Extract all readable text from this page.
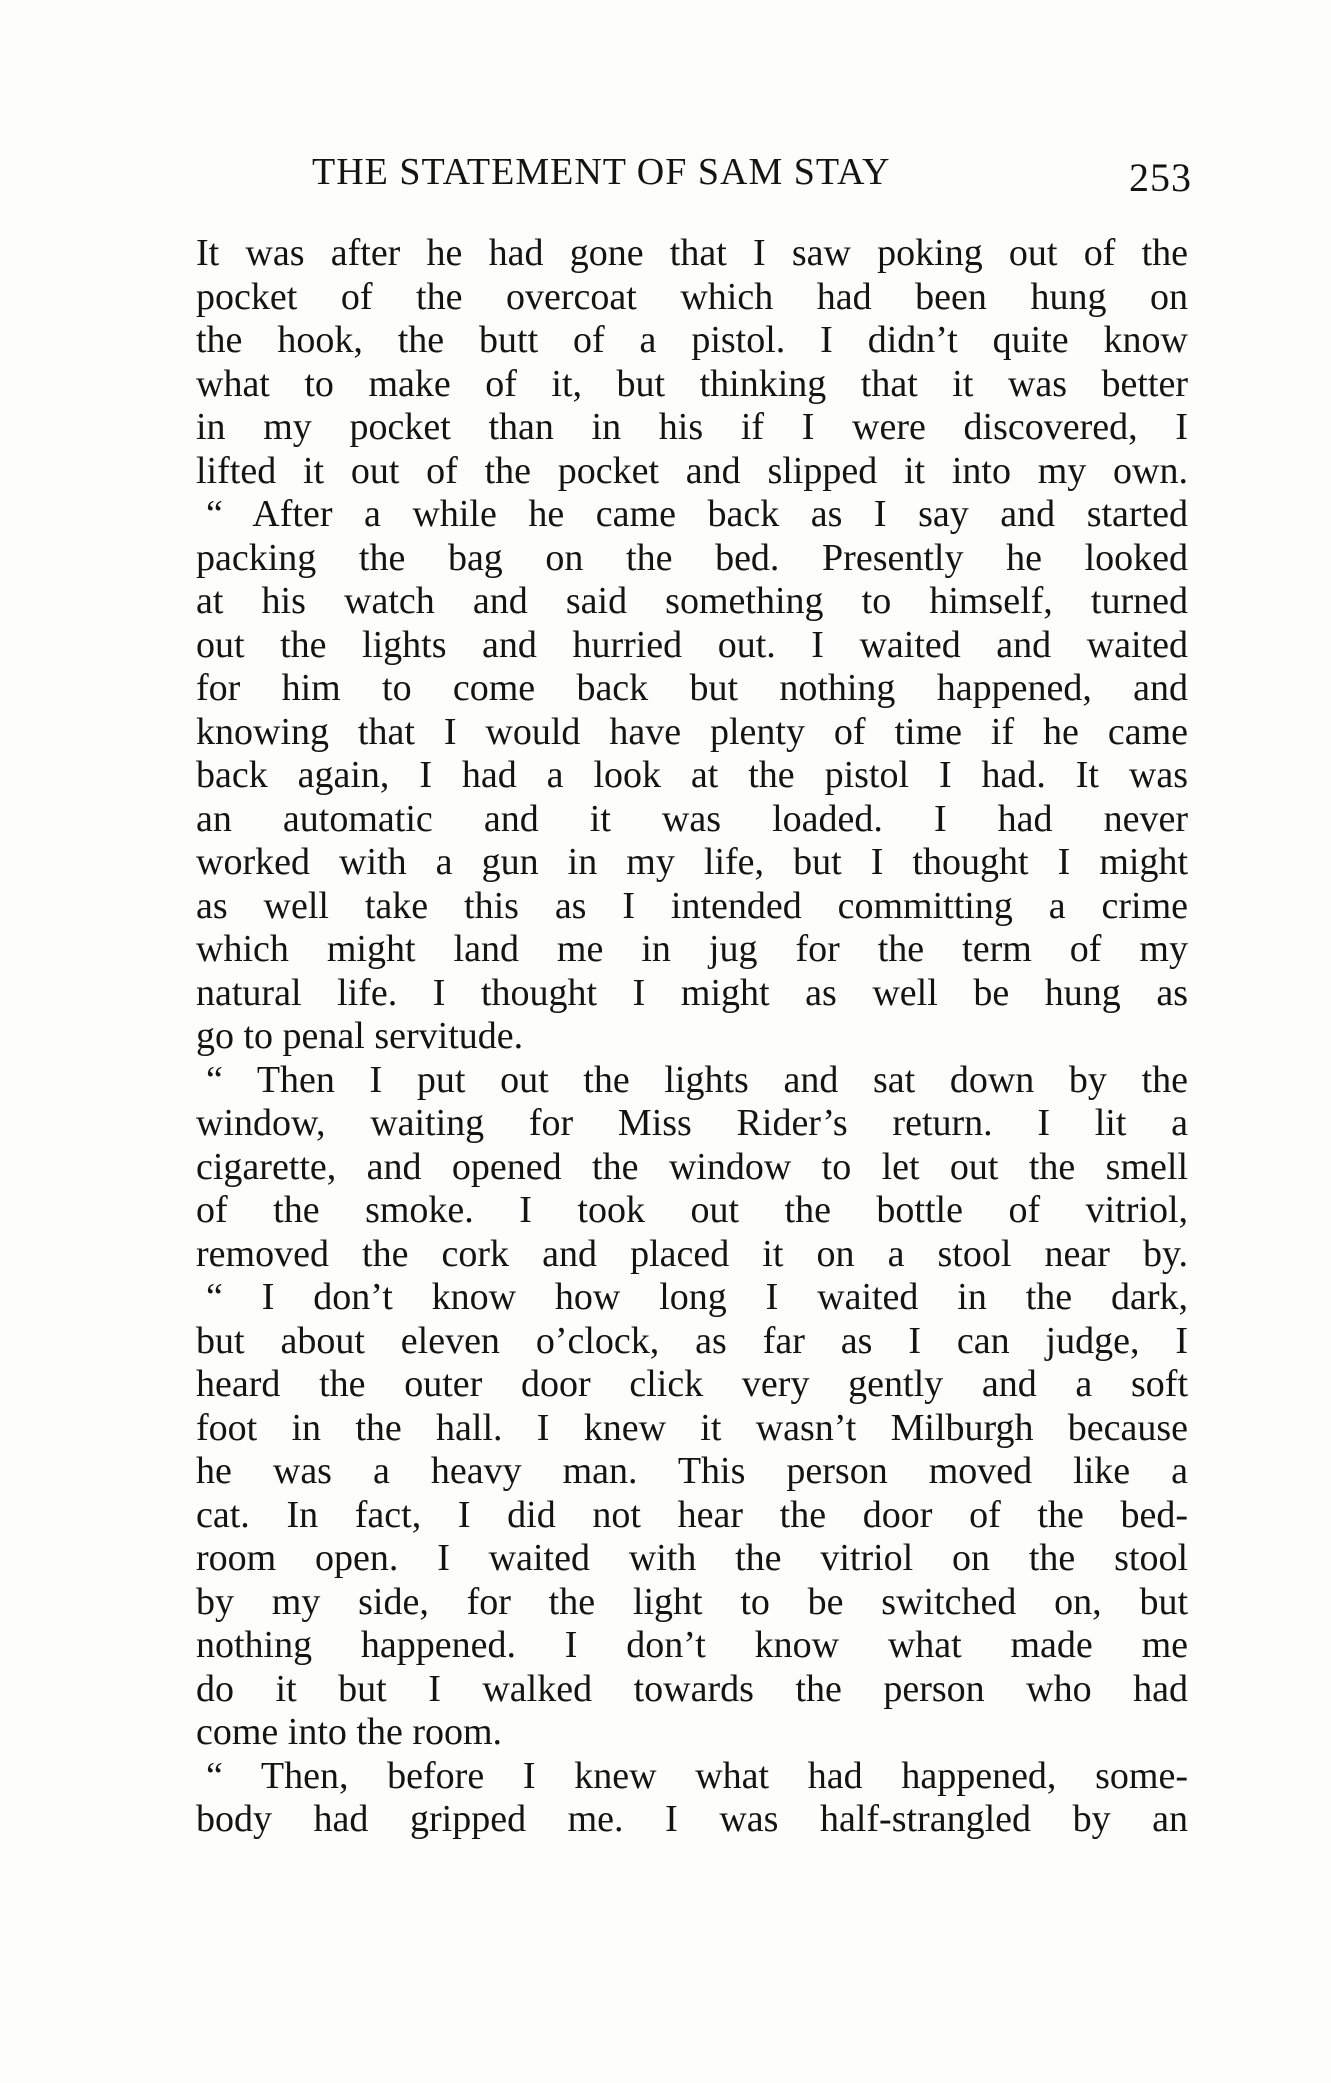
THE STATEMENT OF SAM STAY	253
It was after he had gone that I saw poking out of the
pocket of the overcoat which had been hung on
the hook, the butt of a pistol. I didn’t quite know
what to make of it, but thinking that it was better
in my pocket than in his if I were discovered, I
lifted it out of the pocket and slipped it into my own.
“ After a while he came back as I say and started
packing the bag on the bed. Presently he looked
at his watch and said something to himself, turned
out the lights and hurried out. I waited and waited
for him to come back but nothing happened, and
knowing that I would have plenty of time if he came
back again, I had a look at the pistol I had. It was
an automatic and it was loaded. I had never
worked with a gun in my life, but I thought I might
as well take this as I intended committing a crime
which might land me in jug for the term of my
natural life. I thought I might as well be hung as
go to penal servitude.
“ Then I put out the lights and sat down by the
window, waiting for Miss Rider’s return. I lit a
cigarette, and opened the window to let out the smell
of the smoke. I took out the bottle of vitriol,
removed the cork and placed it on a stool near by.
“ I don’t know how long I waited in the dark,
but about eleven o’clock, as far as I can judge, I
heard the outer door click very gently and a soft
foot in the hall. I knew it wasn’t Milburgh because
he was a heavy man. This person moved like a
cat. In fact, I did not hear the door of the bed-
room open. I waited with the vitriol on the stool
by my side, for the light to be switched on, but
nothing happened. I don’t know what made me
do it but I walked towards the person who had
come into the room.
“ Then, before I knew what had happened, some-
body had gripped me. I was half-strangled by an
